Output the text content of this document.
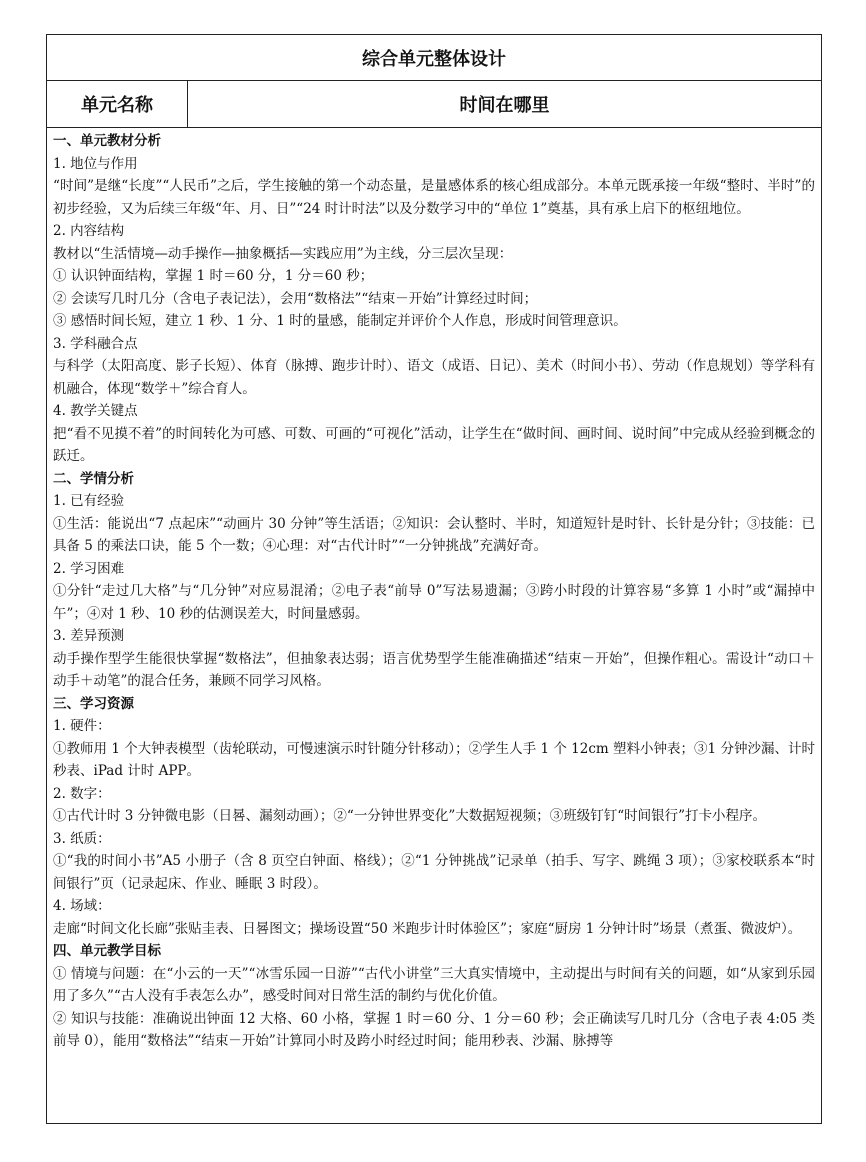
综合单元整体设计
单元名称	时间在哪里
一、单元教材分析
1. 地位与作用
“时间”是继“长度”“人民币”之后，学生接触的第一个动态量，是量感体系的核心组成部分。本单元既承接一年级“整时、半时”的初步经验，又为后续三年级“年、月、日”“24 时计时法”以及分数学习中的“单位 1”奠基，具有承上启下的枢纽地位。
2. 内容结构
教材以“生活情境—动手操作—抽象概括—实践应用”为主线，分三层次呈现：
① 认识钟面结构，掌握 1 时＝60 分，1 分＝60 秒；
② 会读写几时几分（含电子表记法），会用“数格法”“结束－开始”计算经过时间；
③ 感悟时间长短，建立 1 秒、1 分、1 时的量感，能制定并评价个人作息，形成时间管理意识。
3. 学科融合点
与科学（太阳高度、影子长短）、体育（脉搏、跑步计时）、语文（成语、日记）、美术（时间小书）、劳动（作息规划）等学科有机融合，体现“数学＋”综合育人。
4. 教学关键点
把“看不见摸不着”的时间转化为可感、可数、可画的“可视化”活动，让学生在“做时间、画时间、说时间”中完成从经验到概念的跃迁。
二、学情分析
1. 已有经验
①生活：能说出“7 点起床”“动画片 30 分钟”等生活语；②知识：会认整时、半时，知道短针是时针、长针是分针；③技能：已具备 5 的乘法口诀，能 5 个一数；④心理：对“古代计时”“一分钟挑战”充满好奇。
2. 学习困难
①分针“走过几大格”与“几分钟”对应易混淆；②电子表“前导 0”写法易遗漏；③跨小时段的计算容易“多算 1 小时”或“漏掉中午”；④对 1 秒、10 秒的估测误差大，时间量感弱。
3. 差异预测
动手操作型学生能很快掌握“数格法”，但抽象表达弱；语言优势型学生能准确描述“结束－开始”，但操作粗心。需设计“动口＋动手＋动笔”的混合任务，兼顾不同学习风格。
三、学习资源
1. 硬件：
①教师用 1 个大钟表模型（齿轮联动，可慢速演示时针随分针移动）；②学生人手 1 个 12cm 塑料小钟表；③1 分钟沙漏、计时秒表、iPad 计时 APP。
2. 数字：
①古代计时 3 分钟微电影（日晷、漏刻动画）；②“一分钟世界变化”大数据短视频；③班级钉钉“时间银行”打卡小程序。
3. 纸质：
①“我的时间小书”A5 小册子（含 8 页空白钟面、格线）；②“1 分钟挑战”记录单（拍手、写字、跳绳 3 项）；③家校联系本“时间银行”页（记录起床、作业、睡眠 3 时段）。
4. 场域：
走廊“时间文化长廊”张贴圭表、日晷图文；操场设置“50 米跑步计时体验区”；家庭“厨房 1 分钟计时”场景（煮蛋、微波炉）。
四、单元教学目标
① 情境与问题：在“小云的一天”“冰雪乐园一日游”“古代小讲堂”三大真实情境中，主动提出与时间有关的问题，如“从家到乐园用了多久”“古人没有手表怎么办”，感受时间对日常生活的制约与优化价值。
② 知识与技能：准确说出钟面 12 大格、60 小格，掌握 1 时＝60 分、1 分＝60 秒；会正确读写几时几分（含电子表 4:05 类前导 0），能用“数格法”“结束－开始”计算同小时及跨小时经过时间；能用秒表、沙漏、脉搏等
